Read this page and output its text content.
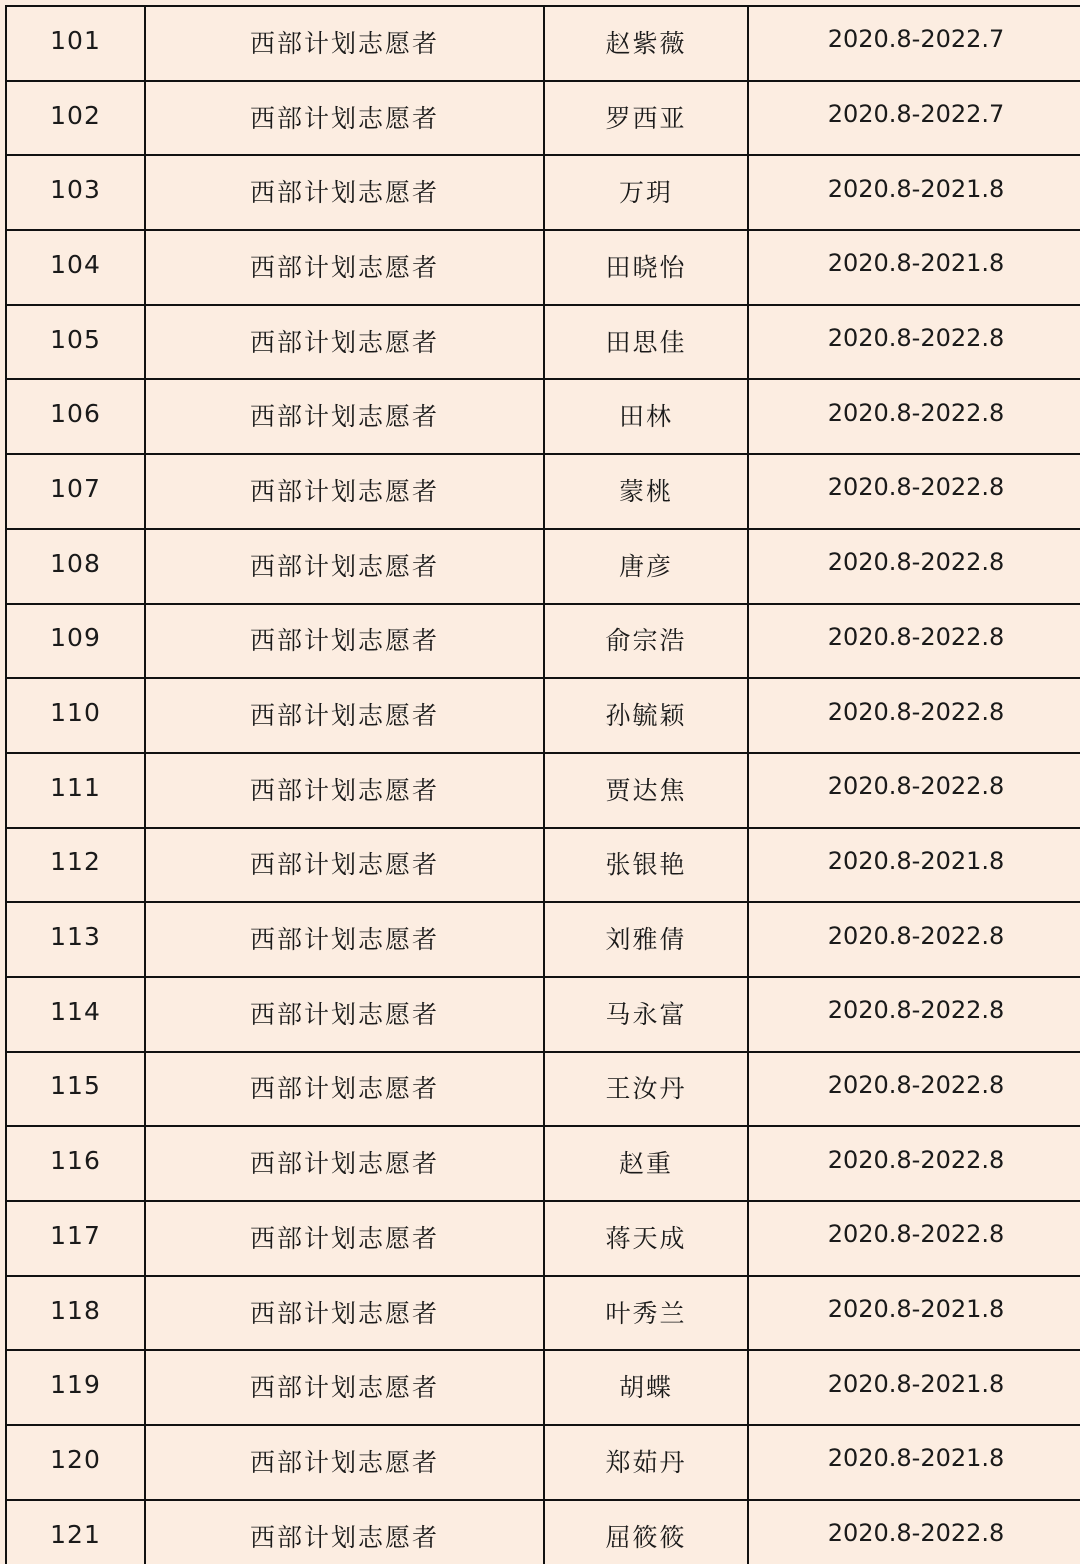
101	西部计划志愿者	赵紫薇	2020.8-2022.7
102	西部计划志愿者	罗西亚	2020.8-2022.7
103	西部计划志愿者	万玥	2020.8-2021.8
104	西部计划志愿者	田晓怡	2020.8-2021.8
105	西部计划志愿者	田思佳	2020.8-2022.8
106	西部计划志愿者	田林	2020.8-2022.8
107	西部计划志愿者	蒙桃	2020.8-2022.8
108	西部计划志愿者	唐彦	2020.8-2022.8
109	西部计划志愿者	俞宗浩	2020.8-2022.8
110	西部计划志愿者	孙毓颖	2020.8-2022.8
111	西部计划志愿者	贾达焦	2020.8-2022.8
112	西部计划志愿者	张银艳	2020.8-2021.8
113	西部计划志愿者	刘雅倩	2020.8-2022.8
114	西部计划志愿者	马永富	2020.8-2022.8
115	西部计划志愿者	王汝丹	2020.8-2022.8
116	西部计划志愿者	赵重	2020.8-2022.8
117	西部计划志愿者	蒋天成	2020.8-2022.8
118	西部计划志愿者	叶秀兰	2020.8-2021.8
119	西部计划志愿者	胡蝶	2020.8-2021.8
120	西部计划志愿者	郑茹丹	2020.8-2021.8
121	西部计划志愿者	屈筱筱	2020.8-2022.8
